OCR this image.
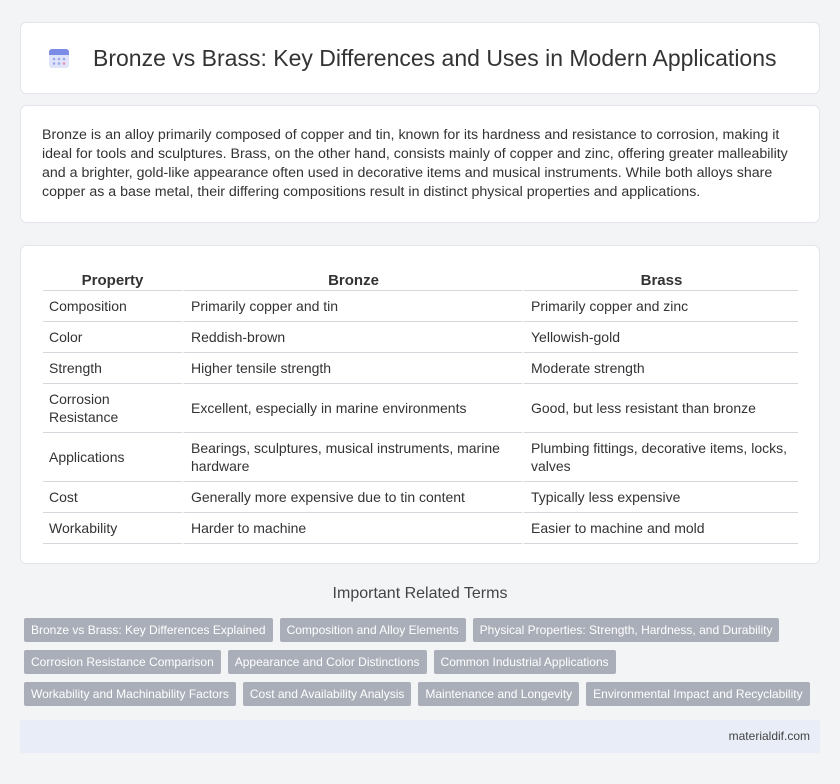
Bronze vs Brass: Key Differences and Uses in Modern Applications

Bronze is an alloy primarily composed of copper and tin, known for its hardness and resistance to corrosion, making it ideal for tools and sculptures. Brass, on the other hand, consists mainly of copper and zinc, offering greater malleability and a brighter, gold-like appearance often used in decorative items and musical instruments. While both alloys share copper as a base metal, their differing compositions result in distinct physical properties and applications.

Property	Bronze	Brass
Composition	Primarily copper and tin	Primarily copper and zinc
Color	Reddish-brown	Yellowish-gold
Strength	Higher tensile strength	Moderate strength
Corrosion Resistance	Excellent, especially in marine environments	Good, but less resistant than bronze
Applications	Bearings, sculptures, musical instruments, marine hardware	Plumbing fittings, decorative items, locks, valves
Cost	Generally more expensive due to tin content	Typically less expensive
Workability	Harder to machine	Easier to machine and mold
Important Related Terms
Bronze vs Brass: Key Differences Explained	Composition and Alloy Elements	Physical Properties: Strength, Hardness, and Durability
Corrosion Resistance Comparison	Appearance and Color Distinctions	Common Industrial Applications
Workability and Machinability Factors	Cost and Availability Analysis	Maintenance and Longevity	Environmental Impact and Recyclability
materialdif.com
